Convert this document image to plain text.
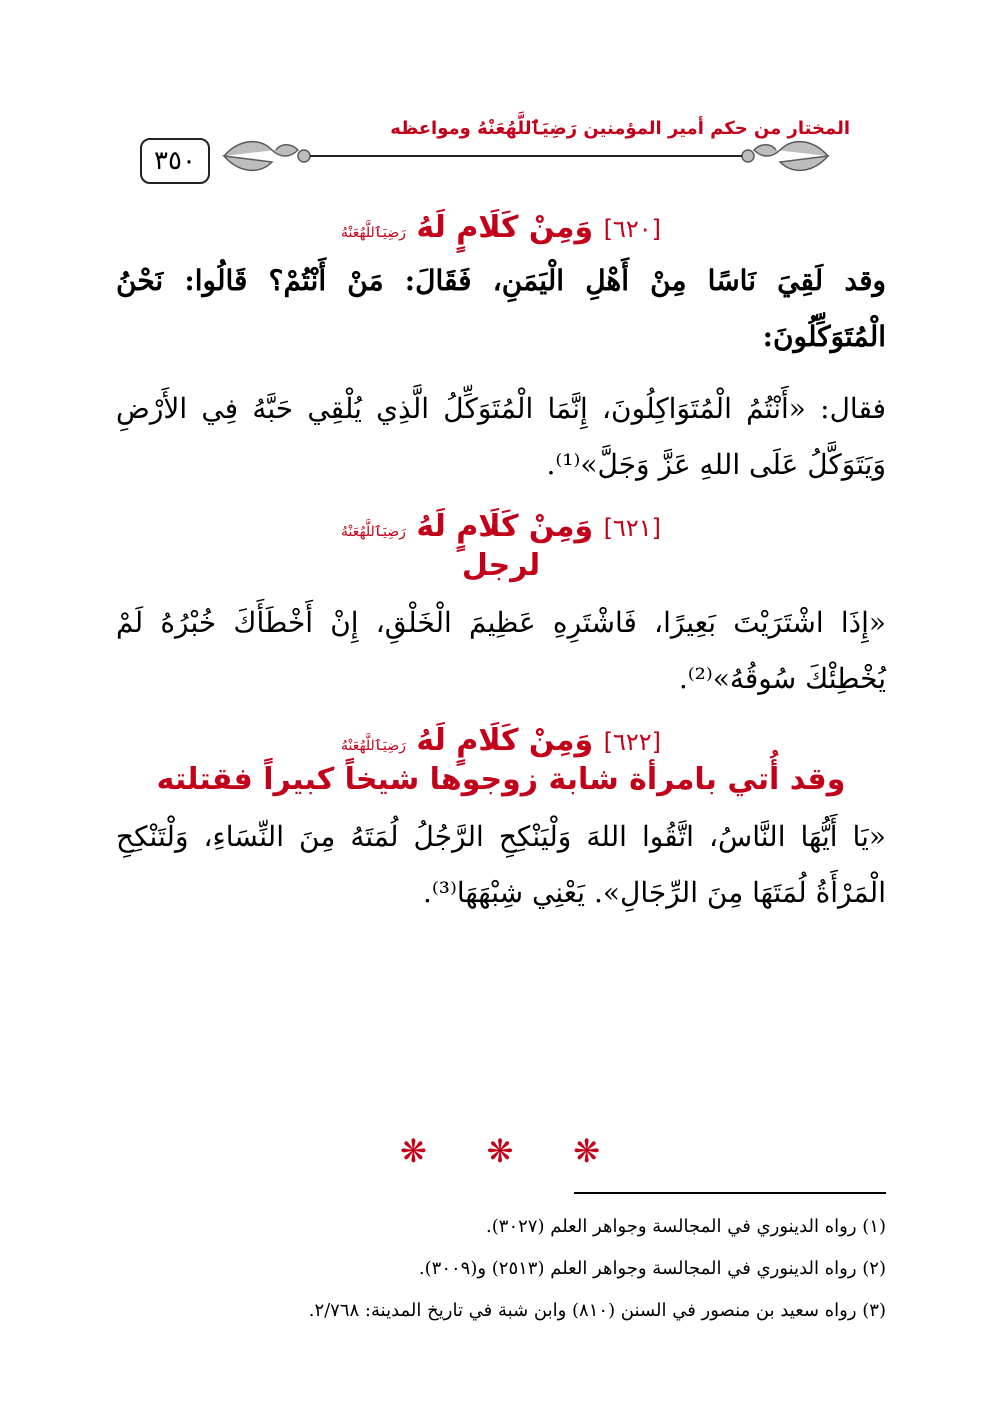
٣٥٠
المختار من حكم أمير المؤمنين رَضِيَٱللَّهُعَنْهُ ومواعظه
[٦٢٠] وَمِنْ كَلَامٍ لَهُ رَضِيَٱللَّهُعَنْهُ

وقد لَقِيَ نَاسًا مِنْ أَهْلِ الْيَمَنِ، فَقَالَ: مَنْ أَنْتُمْ؟ قَالُوا: نَحْنُ الْمُتَوَكِّلُونَ:

فقال: «أَنْتُمُ الْمُتَوَاكِلُونَ، إِنَّمَا الْمُتَوَكِّلُ الَّذِي يُلْقِي حَبَّهُ فِي الأَرْضِ وَيَتَوَكَّلُ عَلَى اللهِ عَزَّ وَجَلَّ»⁽¹⁾.

[٦٢١] وَمِنْ كَلَامٍ لَهُ رَضِيَٱللَّهُعَنْهُ
لرجل

«إِذَا اشْتَرَيْتَ بَعِيرًا، فَاشْتَرِهِ عَظِيمَ الْخَلْقِ، إِنْ أَخْطَأَكَ خُبْرُهُ لَمْ يُخْطِئْكَ سُوقُهُ»⁽²⁾.

[٦٢٢] وَمِنْ كَلَامٍ لَهُ رَضِيَٱللَّهُعَنْهُ
وقد أُتي بامرأة شابة زوجوها شيخاً كبيراً فقتلته

«يَا أَيُّهَا النَّاسُ، اتَّقُوا اللهَ وَلْيَنْكِحِ الرَّجُلُ لُمَتَهُ مِنَ النِّسَاءِ، وَلْتَنْكِحِ الْمَرْأَةُ لُمَتَهَا مِنَ الرِّجَالِ». يَعْنِي شِبْهَهَا⁽³⁾.

❋ ❋ ❋
(١) رواه الدينوري في المجالسة وجواهر العلم (٣٠٢٧).
(٢) رواه الدينوري في المجالسة وجواهر العلم (٢٥١٣) و(٣٠٠٩).
(٣) رواه سعيد بن منصور في السنن (٨١٠) وابن شبة في تاريخ المدينة: ٢/٧٦٨.
